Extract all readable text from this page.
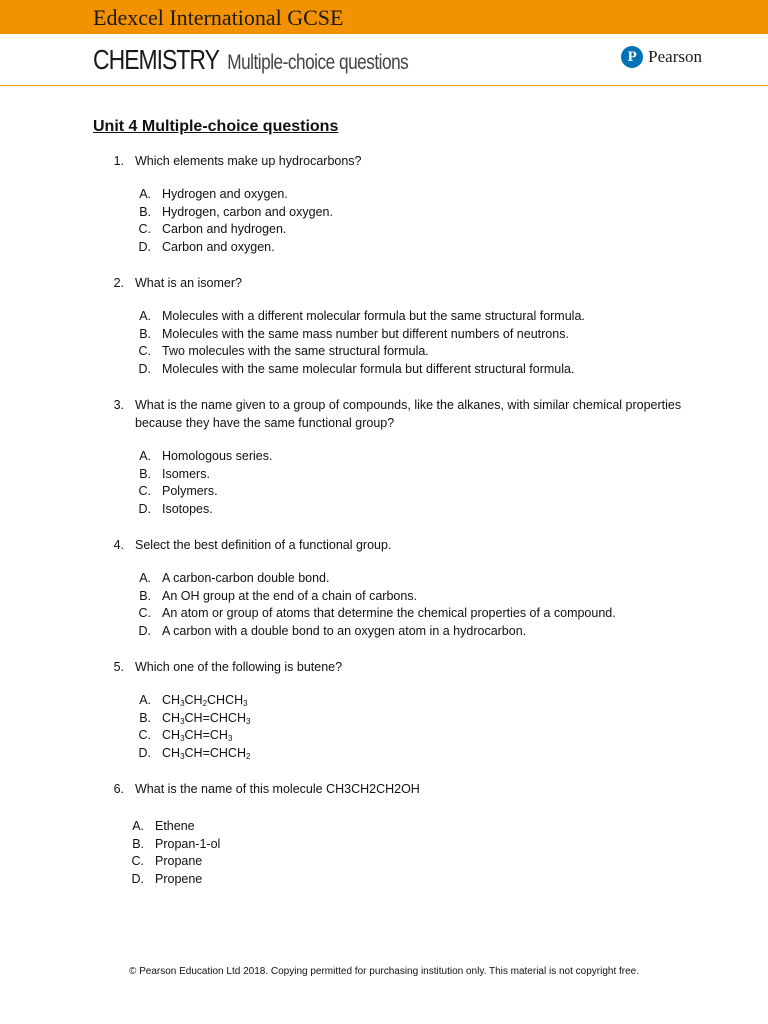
Edexcel International GCSE
CHEMISTRY Multiple-choice questions	P Pearson
Unit 4 Multiple-choice questions
1. Which elements make up hydrocarbons?
A. Hydrogen and oxygen.
B. Hydrogen, carbon and oxygen.
C. Carbon and hydrogen.
D. Carbon and oxygen.
2. What is an isomer?
A. Molecules with a different molecular formula but the same structural formula.
B. Molecules with the same mass number but different numbers of neutrons.
C. Two molecules with the same structural formula.
D. Molecules with the same molecular formula but different structural formula.
3. What is the name given to a group of compounds, like the alkanes, with similar chemical properties because they have the same functional group?
A. Homologous series.
B. Isomers.
C. Polymers.
D. Isotopes.
4. Select the best definition of a functional group.
A. A carbon-carbon double bond.
B. An OH group at the end of a chain of carbons.
C. An atom or group of atoms that determine the chemical properties of a compound.
D. A carbon with a double bond to an oxygen atom in a hydrocarbon.
5. Which one of the following is butene?
A. $CH_3CH_2CHCH_3$
B. $CH_3CH=CHCH_3$
C. $CH_3CH=CH_3$
D. $CH_3CH=CHCH_2$
6. What is the name of this molecule CH3CH2CH2OH
A. Ethene
B. Propan-1-ol
C. Propane
D. Propene
© Pearson Education Ltd 2018. Copying permitted for purchasing institution only. This material is not copyright free.
